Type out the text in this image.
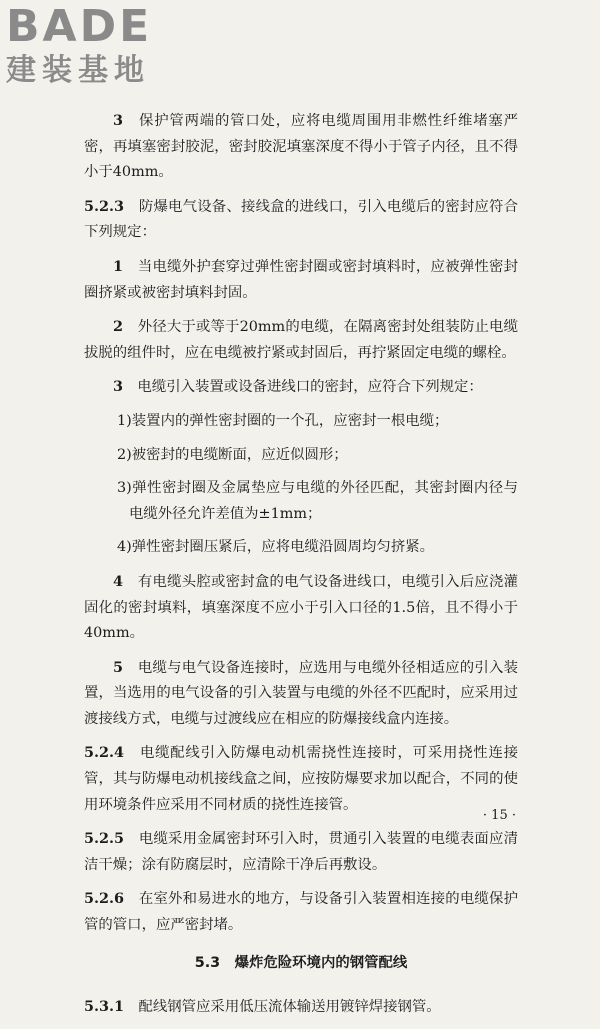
BADE
建装基地

3　 保护管两端的管口处，应将电缆周围用非燃性纤维堵塞严密，再填塞密封胶泥，密封胶泥填塞深度不得小于管子内径，且不得小于40mm。

5.2.3　 防爆电气设备、接线盒的进线口，引入电缆后的密封应符合下列规定：

1　 当电缆外护套穿过弹性密封圈或密封填料时，应被弹性密封圈挤紧或被密封填料封固。

2　 外径大于或等于20mm的电缆，在隔离密封处组装防止电缆拔脱的组件时，应在电缆被拧紧或封固后，再拧紧固定电缆的螺栓。

3　 电缆引入装置或设备进线口的密封，应符合下列规定：

1)装置内的弹性密封圈的一个孔，应密封一根电缆；

2)被密封的电缆断面，应近似圆形；

3)弹性密封圈及金属垫应与电缆的外径匹配，其密封圈内径与电缆外径允许差值为±1mm；

4)弹性密封圈压紧后，应将电缆沿圆周均匀挤紧。

4　 有电缆头腔或密封盒的电气设备进线口，电缆引入后应浇灌固化的密封填料，填塞深度不应小于引入口径的1.5倍，且不得小于40mm。

5　 电缆与电气设备连接时，应选用与电缆外径相适应的引入装置，当选用的电气设备的引入装置与电缆的外径不匹配时，应采用过渡接线方式，电缆与过渡线应在相应的防爆接线盒内连接。

5.2.4　 电缆配线引入防爆电动机需挠性连接时，可采用挠性连接管，其与防爆电动机接线盒之间，应按防爆要求加以配合，不同的使用环境条件应采用不同材质的挠性连接管。

5.2.5　 电缆采用金属密封环引入时，贯通引入装置的电缆表面应清洁干燥；涂有防腐层时，应清除干净后再敷设。

5.2.6　 在室外和易进水的地方，与设备引入装置相连接的电缆保护管的管口，应严密封堵。

5.3　 爆炸危险环境内的钢管配线

5.3.1　 配线钢管应采用低压流体输送用镀锌焊接钢管。

· 15 ·
